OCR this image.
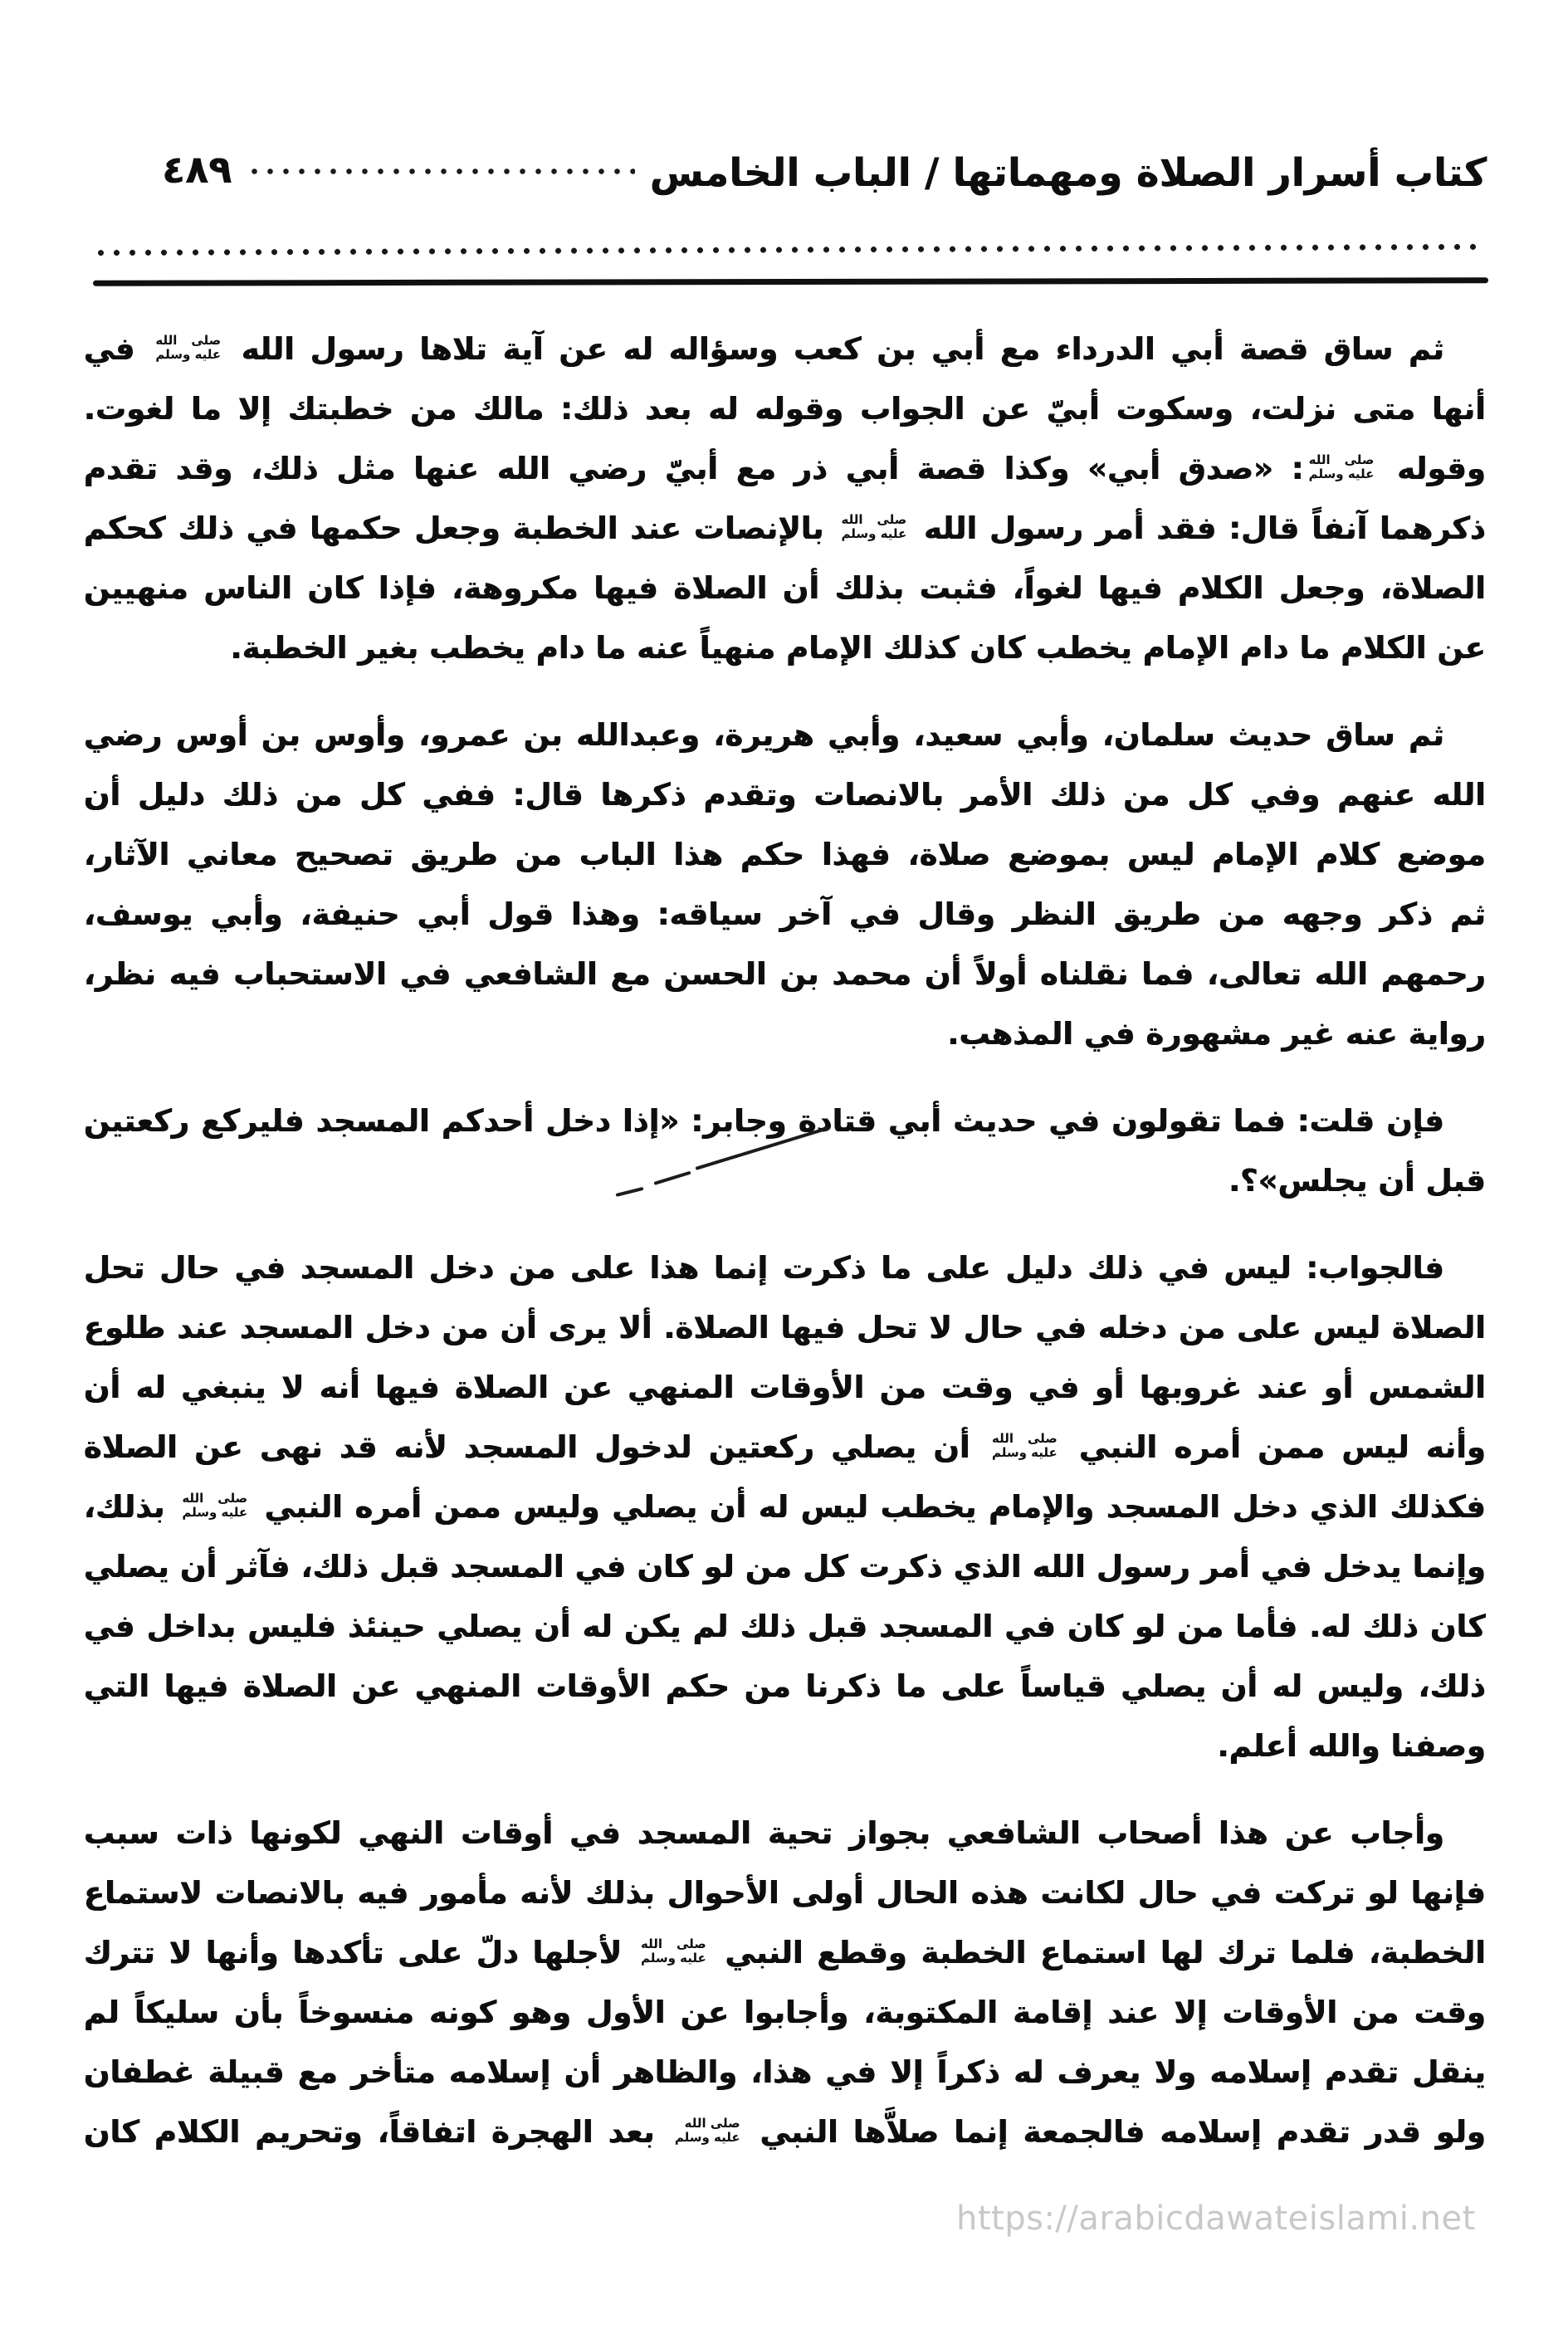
كتاب أسرار الصلاة ومهماتها / الباب الخامس
٤٨٩
ثم ساق قصة أبي الدرداء مع أبي بن كعب وسؤاله له عن آية تلاها رسول الله
صلى الله
عليه وسلم
في
أنها متى نزلت، وسكوت أبيّ عن الجواب وقوله له بعد ذلك: مالك من خطبتك إلا ما لغوت.
وقوله
صلى الله
عليه وسلم
: «صدق أبي» وكذا قصة أبي ذر مع أبيّ رضي الله عنها مثل ذلك، وقد تقدم
ذكرهما آنفاً قال: فقد أمر رسول الله
صلى الله
عليه وسلم
بالإنصات عند الخطبة وجعل حكمها في ذلك كحكم
الصلاة، وجعل الكلام فيها لغواً، فثبت بذلك أن الصلاة فيها مكروهة، فإذا كان الناس منهيين
عن الكلام ما دام الإمام يخطب كان كذلك الإمام منهياً عنه ما دام يخطب بغير الخطبة.
ثم ساق حديث سلمان، وأبي سعيد، وأبي هريرة، وعبدالله بن عمرو، وأوس بن أوس رضي
الله عنهم وفي كل من ذلك الأمر بالانصات وتقدم ذكرها قال: ففي كل من ذلك دليل أن
موضع كلام الإمام ليس بموضع صلاة، فهذا حكم هذا الباب من طريق تصحيح معاني الآثار،
ثم ذكر وجهه من طريق النظر وقال في آخر سياقه: وهذا قول أبي حنيفة، وأبي يوسف،
رحمهم الله تعالى، فما نقلناه أولاً أن محمد بن الحسن مع الشافعي في الاستحباب فيه نظر،
رواية عنه غير مشهورة في المذهب.
فإن قلت: فما تقولون في حديث أبي قتادة وجابر: «إذا دخل أحدكم المسجد فليركع ركعتين
قبل أن يجلس»؟.
فالجواب: ليس في ذلك دليل على ما ذكرت إنما هذا على من دخل المسجد في حال تحل
الصلاة ليس على من دخله في حال لا تحل فيها الصلاة. ألا يرى أن من دخل المسجد عند طلوع
الشمس أو عند غروبها أو في وقت من الأوقات المنهي عن الصلاة فيها أنه لا ينبغي له أن
وأنه ليس ممن أمره النبي
صلى الله
عليه وسلم
أن يصلي ركعتين لدخول المسجد لأنه قد نهى عن الصلاة
فكذلك الذي دخل المسجد والإمام يخطب ليس له أن يصلي وليس ممن أمره النبي
صلى الله
عليه وسلم
بذلك،
وإنما يدخل في أمر رسول الله الذي ذكرت كل من لو كان في المسجد قبل ذلك، فآثر أن يصلي
كان ذلك له. فأما من لو كان في المسجد قبل ذلك لم يكن له أن يصلي حينئذ فليس بداخل في
ذلك، وليس له أن يصلي قياساً على ما ذكرنا من حكم الأوقات المنهي عن الصلاة فيها التي
وصفنا والله أعلم.
وأجاب عن هذا أصحاب الشافعي بجواز تحية المسجد في أوقات النهي لكونها ذات سبب
فإنها لو تركت في حال لكانت هذه الحال أولى الأحوال بذلك لأنه مأمور فيه بالانصات لاستماع
الخطبة، فلما ترك لها استماع الخطبة وقطع النبي
صلى الله
عليه وسلم
لأجلها دلّ على تأكدها وأنها لا تترك
وقت من الأوقات إلا عند إقامة المكتوبة، وأجابوا عن الأول وهو كونه منسوخاً بأن سليكاً لم
ينقل تقدم إسلامه ولا يعرف له ذكراً إلا في هذا، والظاهر أن إسلامه متأخر مع قبيلة غطفان
ولو قدر تقدم إسلامه فالجمعة إنما صلاَّها النبي
صلى الله
عليه وسلم
بعد الهجرة اتفاقاً، وتحريم الكلام كان
https://arabicdawateislami.net
